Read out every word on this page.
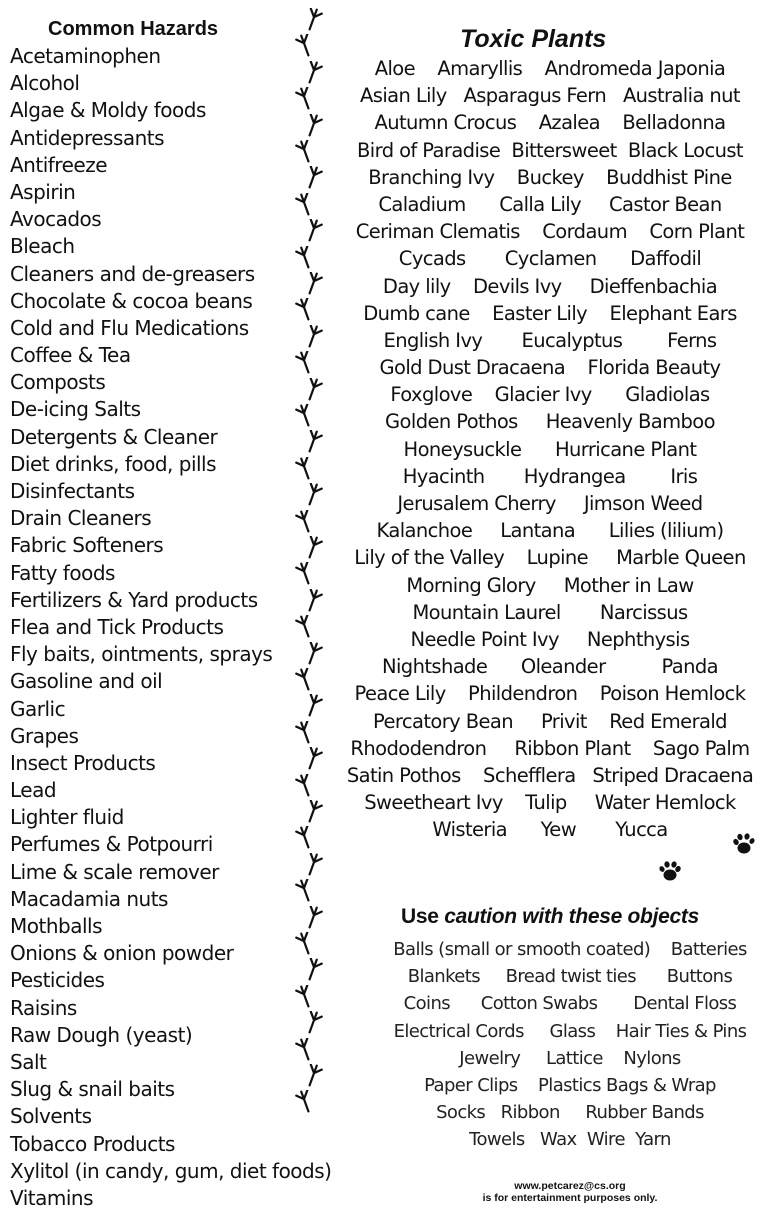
Common Hazards
Acetaminophen
Alcohol
Algae & Moldy foods
Antidepressants
Antifreeze
Aspirin
Avocados
Bleach
Cleaners and de-greasers
Chocolate & cocoa beans
Cold and Flu Medications
Coffee & Tea
Composts
De-icing Salts
Detergents & Cleaner
Diet drinks, food, pills
Disinfectants
Drain Cleaners
Fabric Softeners
Fatty foods
Fertilizers & Yard products
Flea and Tick Products
Fly baits, ointments, sprays
Gasoline and oil
Garlic
Grapes
Insect Products
Lead
Lighter fluid
Perfumes & Potpourri
Lime & scale remover
Macadamia nuts
Mothballs
Onions & onion powder
Pesticides
Raisins
Raw Dough (yeast)
Salt
Slug & snail baits
Solvents
Tobacco Products
Xylitol (in candy, gum, diet foods)
Vitamins
Toxic Plants
Aloe    Amaryllis    Andromeda Japonia
Asian Lily   Asparagus Fern   Australia nut
Autumn Crocus    Azalea    Belladonna
Bird of Paradise  Bittersweet  Black Locust
Branching Ivy    Buckey    Buddhist Pine
Caladium      Calla Lily     Castor Bean
Ceriman Clematis    Cordaum    Corn Plant
Cycads       Cyclamen      Daffodil
Day lily    Devils Ivy     Dieffenbachia
Dumb cane    Easter Lily    Elephant Ears
English Ivy       Eucalyptus        Ferns
Gold Dust Dracaena    Florida Beauty
Foxglove    Glacier Ivy      Gladiolas
Golden Pothos     Heavenly Bamboo
Honeysuckle      Hurricane Plant
Hyacinth       Hydrangea        Iris
Jerusalem Cherry     Jimson Weed
Kalanchoe     Lantana      Lilies (lilium)
Lily of the Valley    Lupine     Marble Queen
Morning Glory     Mother in Law
Mountain Laurel       Narcissus
Needle Point Ivy     Nephthysis
Nightshade      Oleander          Panda
Peace Lily    Phildendron    Poison Hemlock
Percatory Bean     Privit    Red Emerald
Rhododendron     Ribbon Plant    Sago Palm
Satin Pothos    Schefflera   Striped Dracaena
Sweetheart Ivy    Tulip     Water Hemlock
Wisteria      Yew       Yucca
Use caution with these objects
Balls (small or smooth coated)    Batteries
Blankets     Bread twist ties      Buttons
Coins      Cotton Swabs       Dental Floss
Electrical Cords     Glass    Hair Ties & Pins
Jewelry     Lattice    Nylons
Paper Clips    Plastics Bags & Wrap
Socks   Ribbon     Rubber Bands
Towels   Wax  Wire  Yarn
www.petcarez@cs.org
is for entertainment purposes only.
